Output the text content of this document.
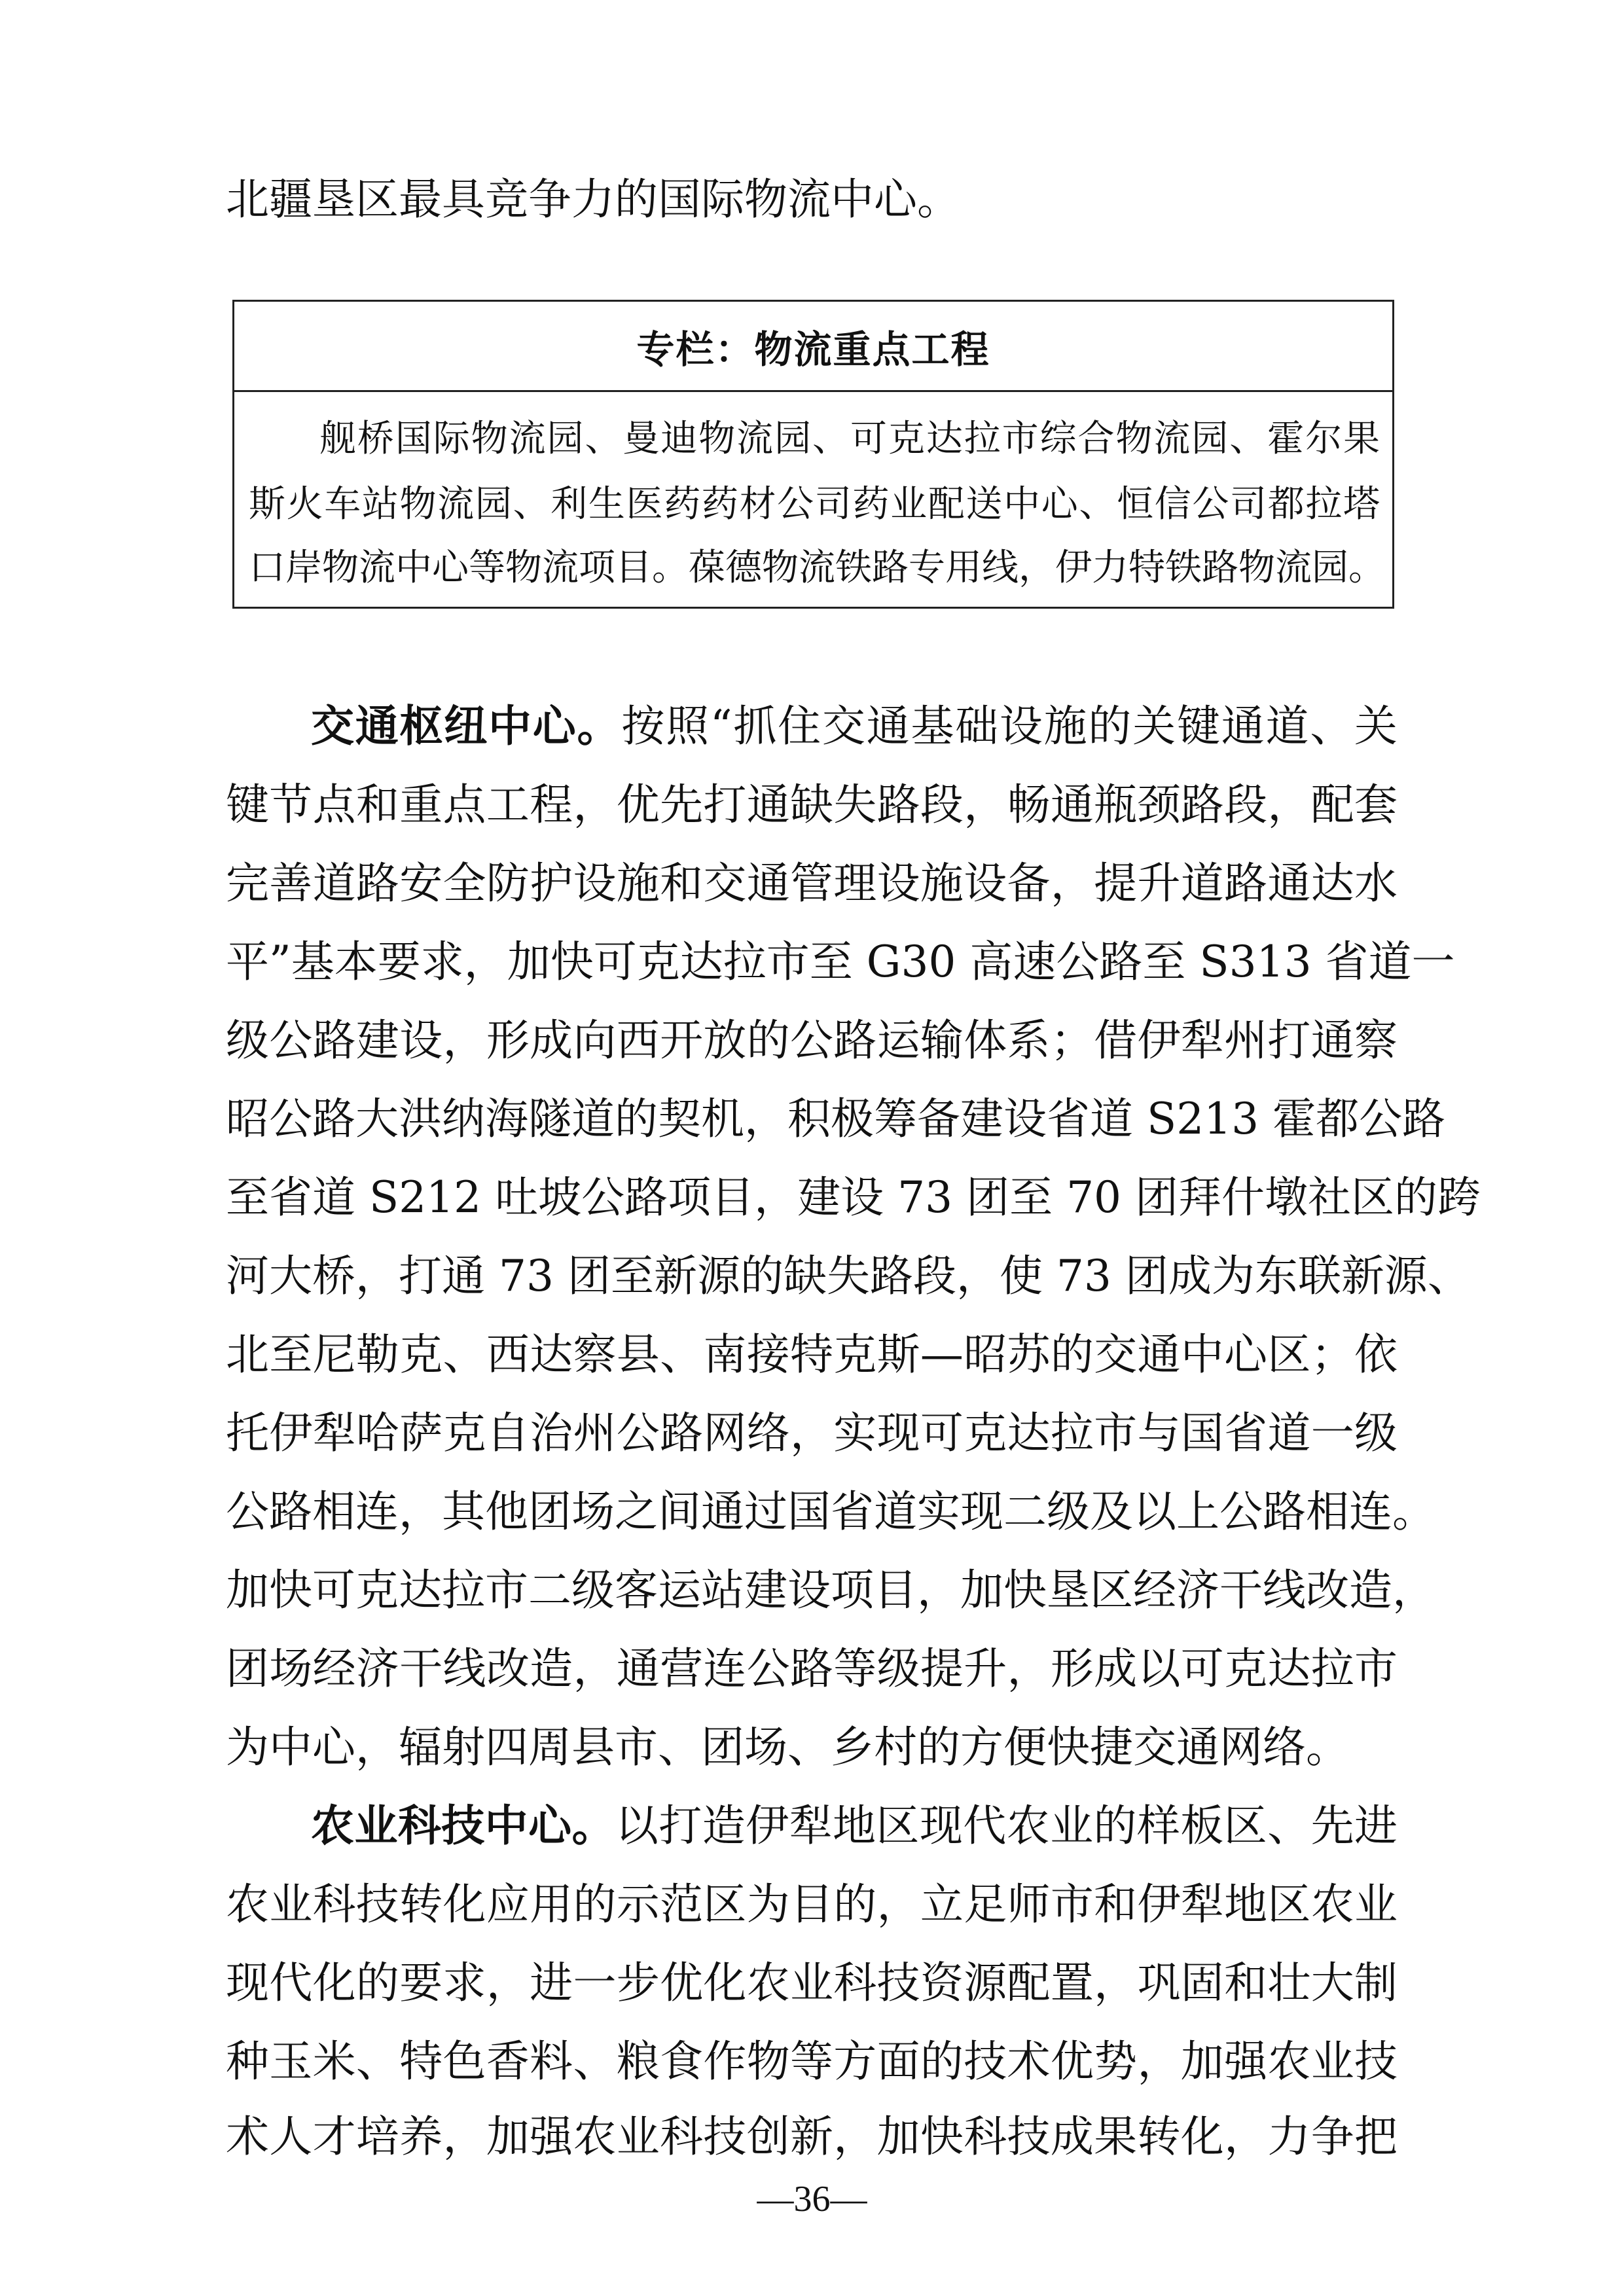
北疆垦区最具竞争力的国际物流中心。
专栏：物流重点工程
舰桥国际物流园、曼迪物流园、可克达拉市综合物流园、霍尔果
斯火车站物流园、利生医药药材公司药业配送中心、恒信公司都拉塔
口岸物流中心等物流项目。葆德物流铁路专用线，伊力特铁路物流园。
交通枢纽中心。按照“抓住交通基础设施的关键通道、关
键节点和重点工程，优先打通缺失路段，畅通瓶颈路段，配套
完善道路安全防护设施和交通管理设施设备，提升道路通达水
平”基本要求，加快可克达拉市至 G30 高速公路至 S313 省道一
级公路建设，形成向西开放的公路运输体系；借伊犁州打通察
昭公路大洪纳海隧道的契机，积极筹备建设省道 S213 霍都公路
至省道 S212 吐坡公路项目，建设 73 团至 70 团拜什墩社区的跨
河大桥，打通 73 团至新源的缺失路段，使 73 团成为东联新源、
北至尼勒克、西达察县、南接特克斯—昭苏的交通中心区；依
托伊犁哈萨克自治州公路网络，实现可克达拉市与国省道一级
公路相连，其他团场之间通过国省道实现二级及以上公路相连。
加快可克达拉市二级客运站建设项目，加快垦区经济干线改造，
团场经济干线改造，通营连公路等级提升，形成以可克达拉市
为中心，辐射四周县市、团场、乡村的方便快捷交通网络。
农业科技中心。以打造伊犁地区现代农业的样板区、先进
农业科技转化应用的示范区为目的，立足师市和伊犁地区农业
现代化的要求，进一步优化农业科技资源配置，巩固和壮大制
种玉米、特色香料、粮食作物等方面的技术优势，加强农业技
术人才培养，加强农业科技创新，加快科技成果转化，力争把
—36—
